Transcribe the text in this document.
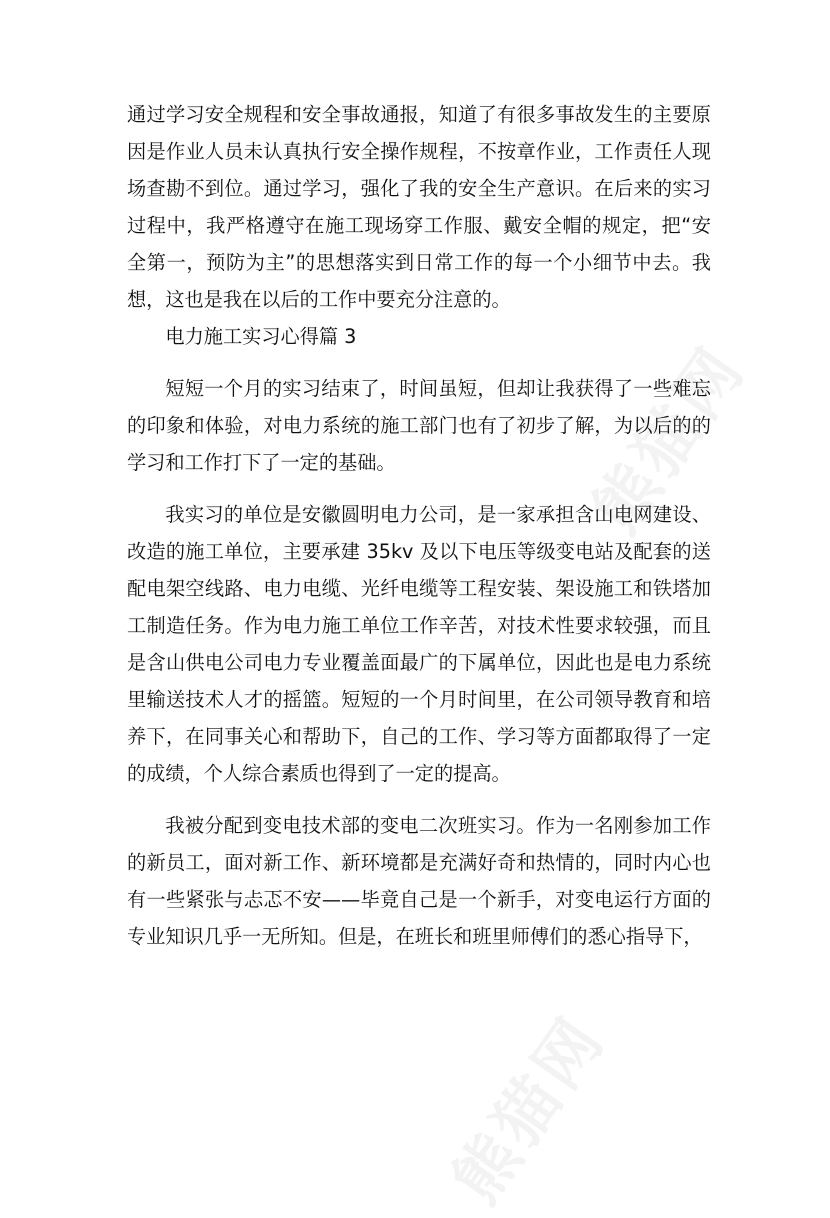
熊猫网
熊猫网

通过学习安全规程和安全事故通报，知道了有很多事故发生的主要原因是作业人员未认真执行安全操作规程，不按章作业，工作责任人现场查勘不到位。通过学习，强化了我的安全生产意识。在后来的实习过程中，我严格遵守在施工现场穿工作服、戴安全帽的规定，把“安全第一，预防为主”的思想落实到日常工作的每一个小细节中去。我想，这也是我在以后的工作中要充分注意的。

电力施工实习心得篇 3

短短一个月的实习结束了，时间虽短，但却让我获得了一些难忘的印象和体验，对电力系统的施工部门也有了初步了解，为以后的的学习和工作打下了一定的基础。

我实习的单位是安徽圆明电力公司，是一家承担含山电网建设、改造的施工单位，主要承建 35kv 及以下电压等级变电站及配套的送配电架空线路、电力电缆、光纤电缆等工程安装、架设施工和铁塔加工制造任务。作为电力施工单位工作辛苦，对技术性要求较强，而且是含山供电公司电力专业覆盖面最广的下属单位，因此也是电力系统里输送技术人才的摇篮。短短的一个月时间里，在公司领导教育和培养下，在同事关心和帮助下，自己的工作、学习等方面都取得了一定的成绩，个人综合素质也得到了一定的提高。

我被分配到变电技术部的变电二次班实习。作为一名刚参加工作的新员工，面对新工作、新环境都是充满好奇和热情的，同时内心也有一些紧张与忐忑不安——毕竟自己是一个新手，对变电运行方面的专业知识几乎一无所知。但是，在班长和班里师傅们的悉心指导下，
